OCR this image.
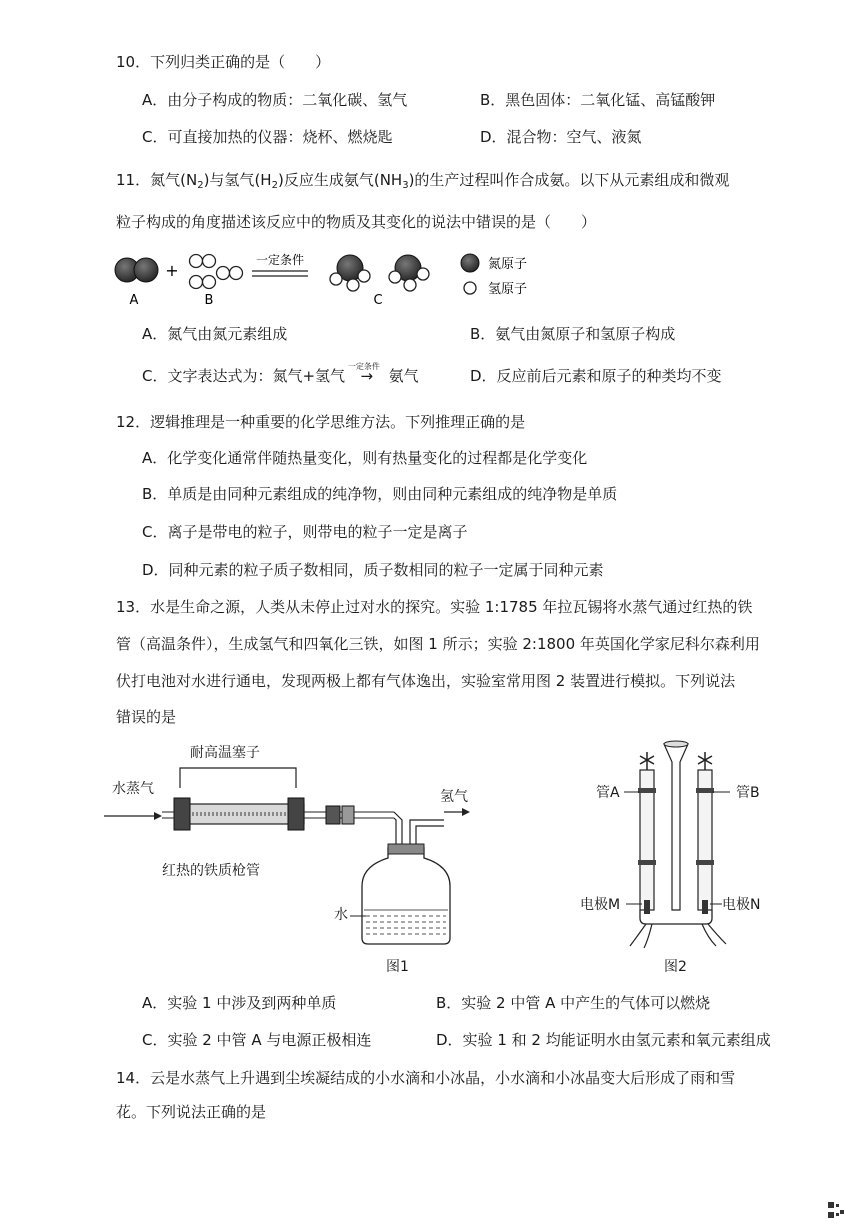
10．下列归类正确的是（　　）
A．由分子构成的物质：二氧化碳、氢气	B．黑色固体：二氧化锰、高锰酸钾
C．可直接加热的仪器：烧杯、燃烧匙	D．混合物：空气、液氮
11．氮气$(N_2)$与氢气$(H_2)$反应生成氨气$(NH_3)$的生产过程叫作合成氨。以下从元素组成和微观
粒子构成的角度描述该反应中的物质及其变化的说法中错误的是（　　）
A
+
B
一定条件
C
氮原子
氢原子
A．氮气由氮元素组成	B．氨气由氮原子和氢原子构成
C．文字表达式为：氮气+氢气
一定条件
→ 氨气	D．反应前后元素和原子的种类均不变
12．逻辑推理是一种重要的化学思维方法。下列推理正确的是
A．化学变化通常伴随热量变化，则有热量变化的过程都是化学变化
B．单质是由同种元素组成的纯净物，则由同种元素组成的纯净物是单质
C．离子是带电的粒子，则带电的粒子一定是离子
D．同种元素的粒子质子数相同，质子数相同的粒子一定属于同种元素
13．水是生命之源，人类从未停止过对水的探究。实验 1:1785 年拉瓦锡将水蒸气通过红热的铁
管（高温条件），生成氢气和四氧化三铁，如图 1 所示；实验 2:1800 年英国化学家尼科尔森利用
伏打电池对水进行通电，发现两极上都有气体逸出，实验室常用图 2 装置进行模拟。下列说法
错误的是
耐高温塞子
水蒸气	氢气
红热的铁质枪管
水
图1
管A	管B
电极M	电极N
图2
A．实验 1 中涉及到两种单质	B．实验 2 中管 A 中产生的气体可以燃烧
C．实验 2 中管 A 与电源正极相连	D．实验 1 和 2 均能证明水由氢元素和氧元素组成
14．云是水蒸气上升遇到尘埃凝结成的小水滴和小冰晶，小水滴和小冰晶变大后形成了雨和雪
花。下列说法正确的是
